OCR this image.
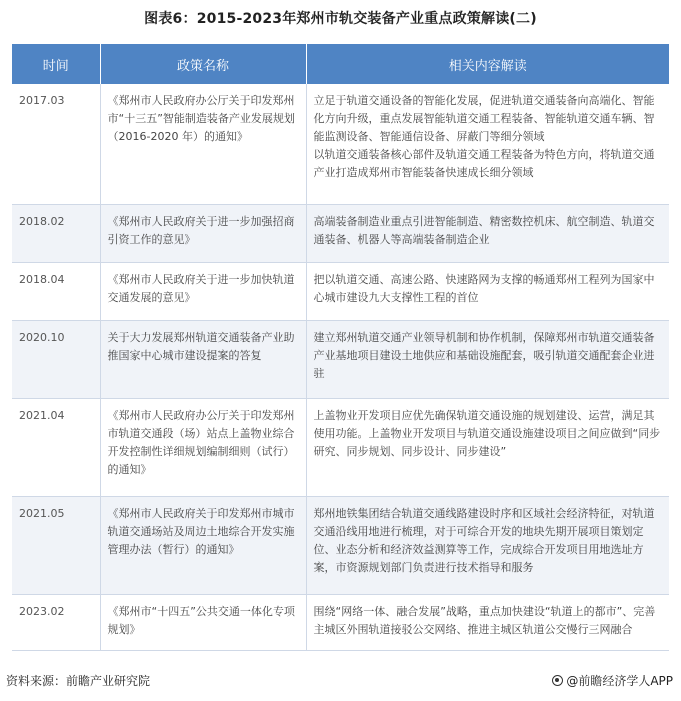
图表6：2015-2023年郑州市轨交装备产业重点政策解读(二)
时间	政策名称	相关内容解读
2017.03	《郑州市人民政府办公厅关于印发郑州市“十三五”智能制造装备产业发展规划（2016-2020 年）的通知》	立足于轨道交通设备的智能化发展，促进轨道交通装备向高端化、智能化方向升级，重点发展智能轨道交通工程装备、智能轨道交通车辆、智能监测设备、智能通信设备、屏蔽门等细分领域
以轨道交通装备核心部件及轨道交通工程装备为特色方向，将轨道交通产业打造成郑州市智能装备快速成长细分领域

2018.02	《郑州市人民政府关于进一步加强招商引资工作的意见》	高端装备制造业重点引进智能制造、精密数控机床、航空制造、轨道交通装备、机器人等高端装备制造企业

2018.04	《郑州市人民政府关于进一步加快轨道交通发展的意见》	把以轨道交通、高速公路、快速路网为支撑的畅通郑州工程列为国家中心城市建设九大支撑性工程的首位

2020.10	关于大力发展郑州轨道交通装备产业助推国家中心城市建设提案的答复	建立郑州轨道交通产业领导机制和协作机制，保障郑州市轨道交通装备产业基地项目建设土地供应和基础设施配套，吸引轨道交通配套企业进驻

2021.04	《郑州市人民政府办公厅关于印发郑州市轨道交通段（场）站点上盖物业综合开发控制性详细规划编制细则（试行）的通知》	上盖物业开发项目应优先确保轨道交通设施的规划建设、运营，满足其使用功能。上盖物业开发项目与轨道交通设施建设项目之间应做到“同步研究、同步规划、同步设计、同步建设”

2021.05	《郑州市人民政府关于印发郑州市城市轨道交通场站及周边土地综合开发实施管理办法（暂行）的通知》	郑州地铁集团结合轨道交通线路建设时序和区域社会经济特征，对轨道交通沿线用地进行梳理，对于可综合开发的地块先期开展项目策划定位、业态分析和经济效益测算等工作，完成综合开发项目用地选址方案，市资源规划部门负责进行技术指导和服务

2023.02	《郑州市“十四五”公共交通一体化专项规划》	围绕“网络一体、融合发展”战略，重点加快建设“轨道上的都市”、完善主城区外围轨道接驳公交网络、推进主城区轨道公交慢行三网融合
资料来源：前瞻产业研究院	@前瞻经济学人APP
